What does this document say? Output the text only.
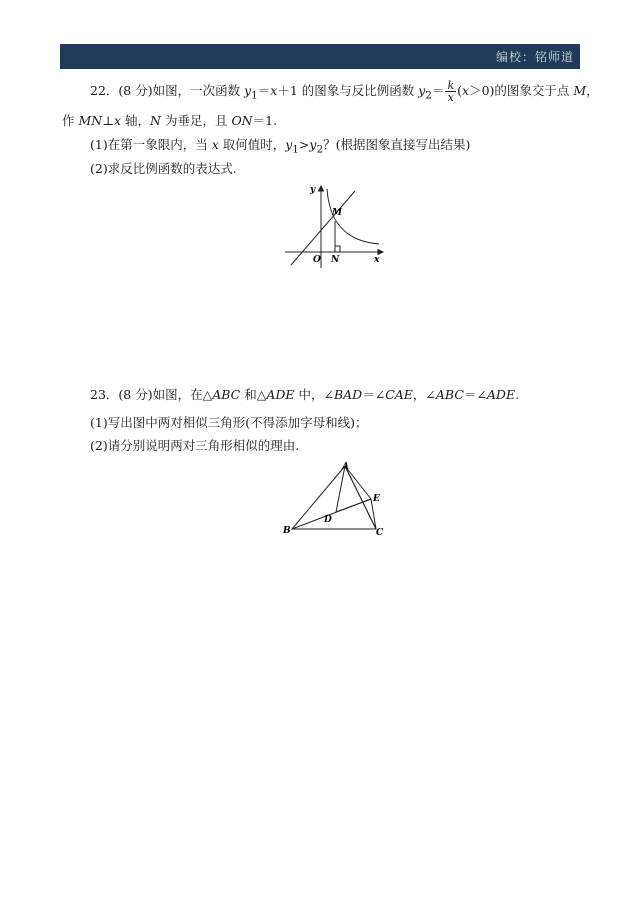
编校：铭师道
22．(8 分)如图，一次函数 $y_1=x+1$ 的图象与反比例函数 $y_2= \frac{k}{x} (x>0)$的图象交于点 M，
作 MN⊥x 轴，N 为垂足，且 ON＝1.
(1)在第一象限内，当 x 取何值时，$y_1>y_2$？(根据图象直接写出结果)
(2)求反比例函数的表达式.
y
M
O N	x
23．(8 分)如图，在△ABC 和△ADE 中，∠BAD＝∠CAE，∠ABC＝∠ADE.
(1)写出图中两对相似三角形(不得添加字母和线)；
(2)请分别说明两对三角形相似的理由.
A
B	C
D
E
